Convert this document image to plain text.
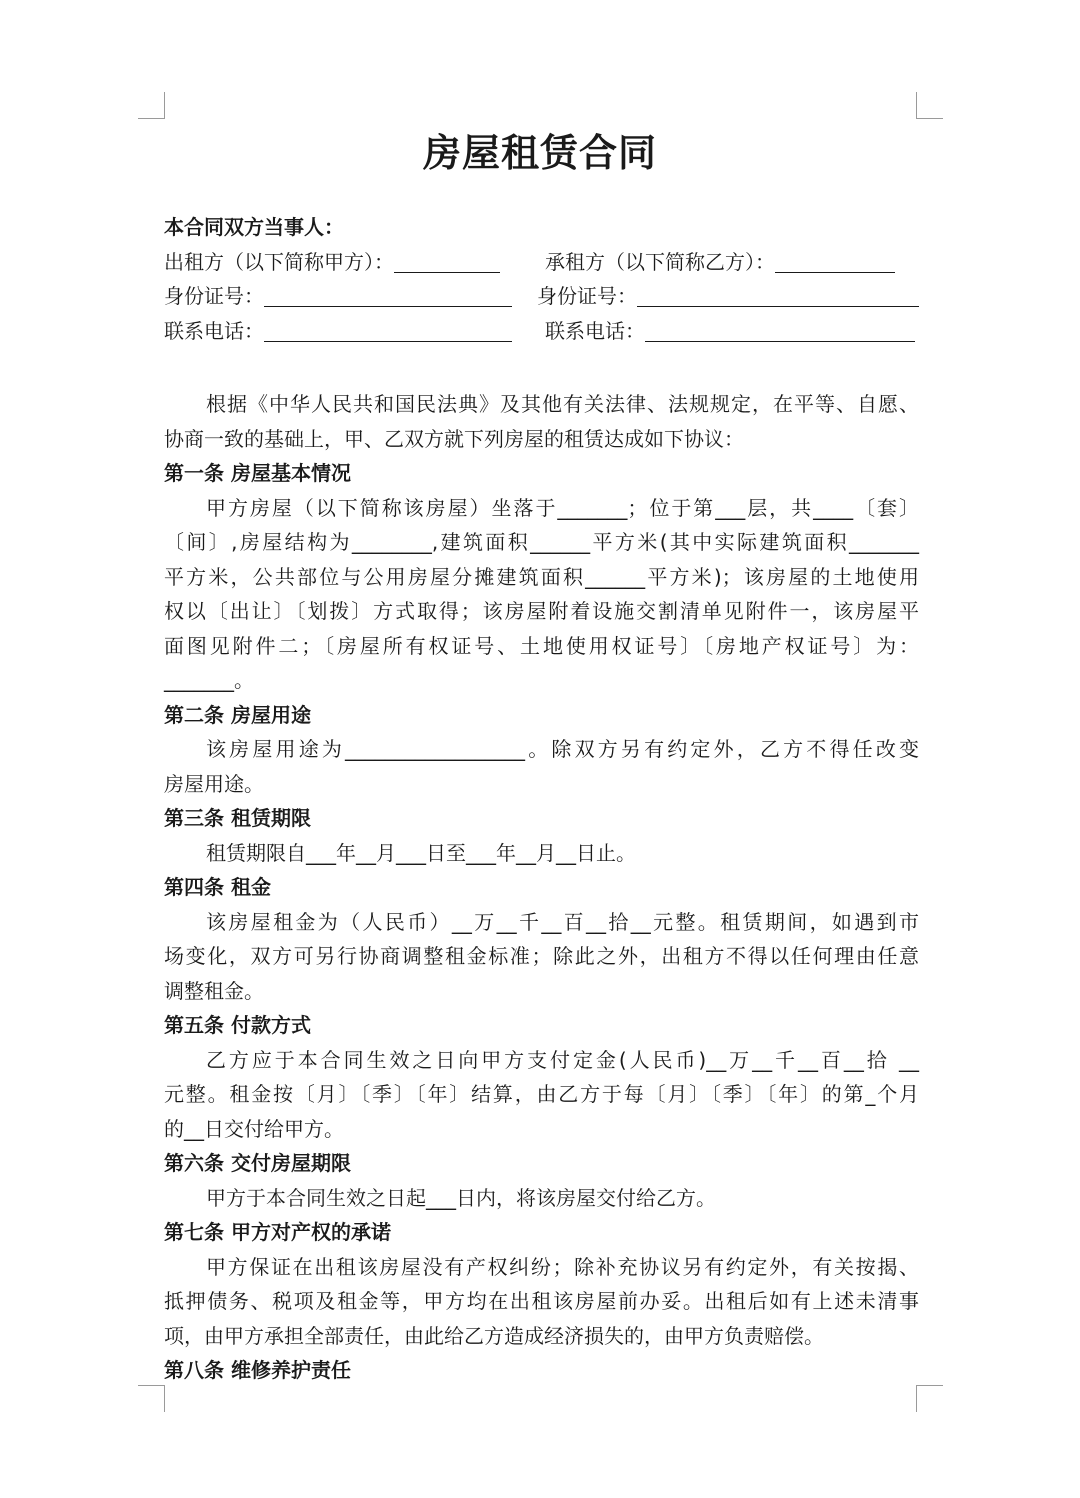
房屋租赁合同
本合同双方当事人：
出租方（以下简称甲方）：	承租方（以下简称乙方）：
身份证号：	身份证号：
联系电话：	联系电话：
根据《中华人民共和国民法典》及其他有关法律、法规规定，在平等、自愿、
协商一致的基础上，甲、乙双方就下列房屋的租赁达成如下协议：
第一条 房屋基本情况
甲方房屋（以下简称该房屋）坐落于_______；位于第___层，共____〔套〕
〔间〕,房屋结构为________,建筑面积______平方米(其中实际建筑面积_______
平方米，公共部位与公用房屋分摊建筑面积______平方米)；该房屋的土地使用
权以〔出让〕〔划拨〕方式取得；该房屋附着设施交割清单见附件一，该房屋平
面图见附件二；〔房屋所有权证号、土地使用权证号〕〔房地产权证号〕为：
_______。
第二条 房屋用途
该房屋用途为__________________。除双方另有约定外，乙方不得任改变
房屋用途。
第三条 租赁期限
租赁期限自___年__月___日至___年__月__日止。
第四条 租金
该房屋租金为（人民币）__万__千__百__拾__元整。租赁期间，如遇到市
场变化，双方可另行协商调整租金标准；除此之外，出租方不得以任何理由任意
调整租金。
第五条 付款方式
乙方应于本合同生效之日向甲方支付定金(人民币)__万__千__百__拾 __
元整。租金按〔月〕〔季〕〔年〕结算，由乙方于每〔月〕〔季〕〔年〕的第_个月
的__日交付给甲方。
第六条 交付房屋期限
甲方于本合同生效之日起___日内，将该房屋交付给乙方。
第七条 甲方对产权的承诺
甲方保证在出租该房屋没有产权纠纷；除补充协议另有约定外，有关按揭、
抵押债务、税项及租金等，甲方均在出租该房屋前办妥。出租后如有上述未清事
项，由甲方承担全部责任，由此给乙方造成经济损失的，由甲方负责赔偿。
第八条 维修养护责任
